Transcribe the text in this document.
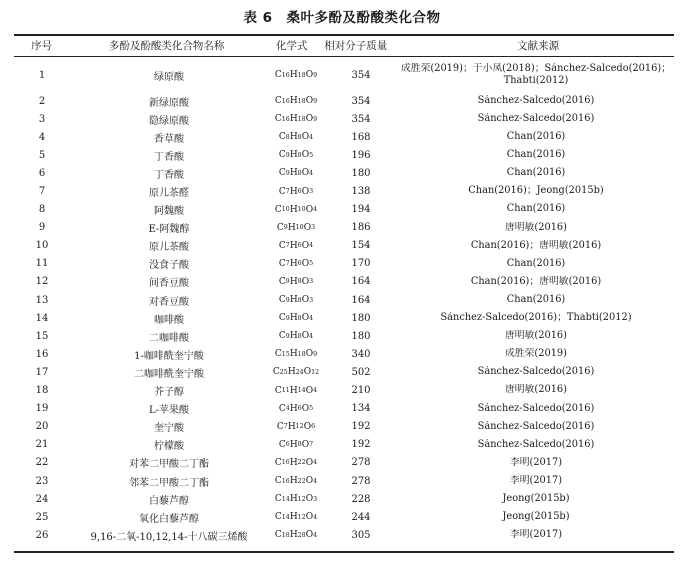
表 6　桑叶多酚及酚酸类化合物
序号	多酚及酚酸类化合物名称	化学式	相对分子质量	文献来源
1	绿原酸	C 16 H 18 O 9	354
成胜荣(2019)；于小凤(2018)；Sánchez-Salcedo(2016)；Thabti(2012)
2	新绿原酸	C 16 H 18 O 9	354	Sánchez-Salcedo(2016)
3	隐绿原酸	C 16 H 18 O 9	354	Sánchez-Salcedo(2016)
4	香草酸	C 8 H 8 O 4	168	Chan(2016)
5	丁香酸	C 9 H 8 O 5	196	Chan(2016)
6	丁香酸	C 9 H 8 O 4	180	Chan(2016)
7	原儿茶醛	C 7 H 6 O 3	138	Chan(2016)；Jeong(2015b)
8	阿魏酸	C 10 H 10 O 4	194	Chan(2016)
9	E-阿魏醇	C 9 H 10 O 3	186	唐明敏(2016)
10	原儿茶酸	C 7 H 6 O 4	154	Chan(2016)；唐明敏(2016)
11	没食子酸	C 7 H 6 O 5	170	Chan(2016)
12	间香豆酸	C 9 H 8 O 3	164	Chan(2016)；唐明敏(2016)
13	对香豆酸	C 9 H 8 O 3	164	Chan(2016)
14	咖啡酸	C 9 H 8 O 4	180	Sánchez-Salcedo(2016)；Thabti(2012)
15	二咖啡酸	C 9 H 8 O 4	180	唐明敏(2016)
16	1-咖啡酰奎宁酸	C 15 H 18 O 9	340	成胜荣(2019)
17	二咖啡酰奎宁酸	C 25 H 24 O 12	502	Sánchez-Salcedo(2016)
18	芥子醇	C 11 H 14 O 4	210	唐明敏(2016)
19	L-苹果酸	C 4 H 6 O 5	134	Sánchez-Salcedo(2016)
20	奎宁酸	C 7 H 12 O 6	192	Sánchez-Salcedo(2016)
21	柠檬酸	C 6 H 8 O 7	192	Sánchez-Salcedo(2016)
22	对苯二甲酸二丁酯	C 16 H 22 O 4	278	李明(2017)
23	邻苯二甲酸二丁酯	C 16 H 22 O 4	278	李明(2017)
24	白藜芦醇	C 14 H 12 O 3	228	Jeong(2015b)
25	氧化白藜芦醇	C 14 H 12 O 4	244	Jeong(2015b)
26	9,16-二氧-10,12,14-十八碳三烯酸	C 18 H 28 O 4	305	李明(2017)
